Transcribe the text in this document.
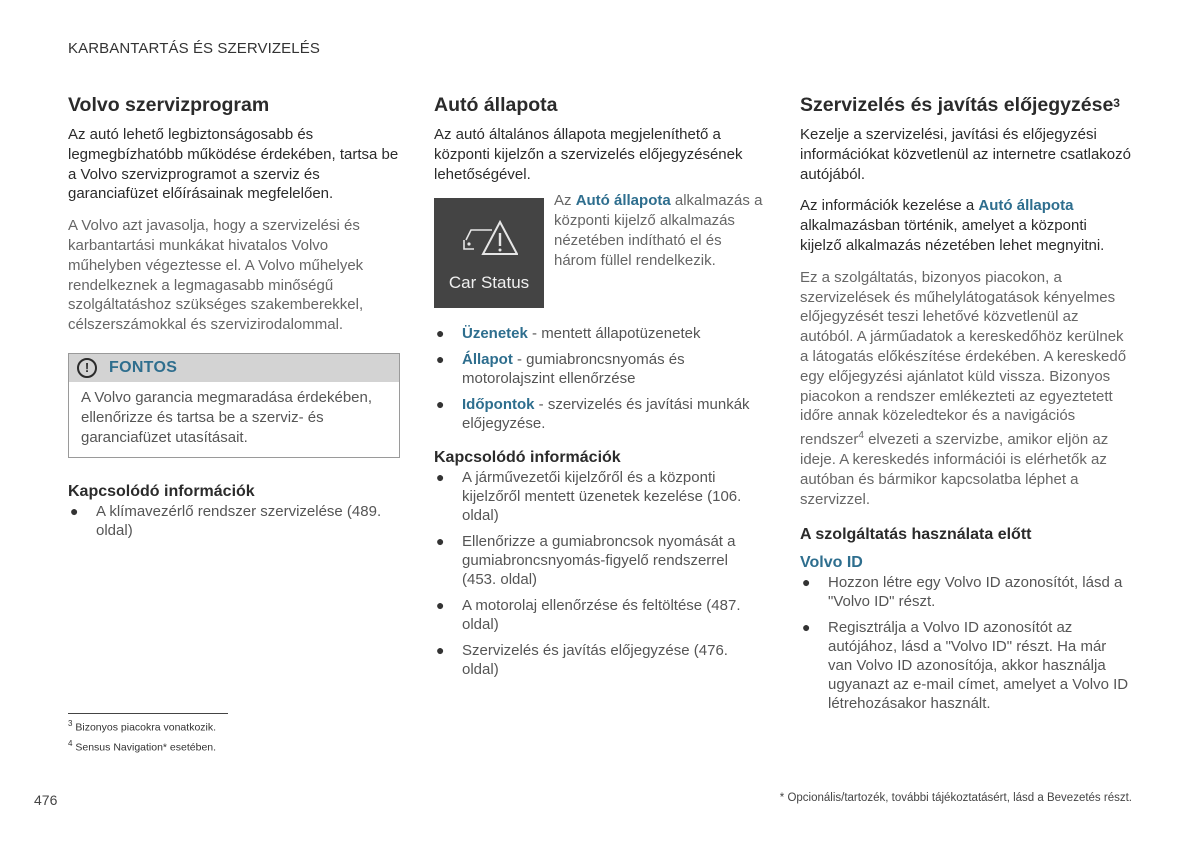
KARBANTARTÁS ÉS SZERVIZELÉS
Volvo szervizprogram

Az autó lehető legbiztonságosabb és legmegbízhatóbb működése érdekében, tartsa be a Volvo szervizprogramot a szerviz és garanciafüzet előírásainak megfelelően.

A Volvo azt javasolja, hogy a szervizelési és karbantartási munkákat hivatalos Volvo műhelyben végeztesse el. A Volvo műhelyek rendelkeznek a legmagasabb minőségű szolgáltatáshoz szükséges szakemberekkel, célszerszámokkal és szervizirodalommal.

!	FONTOS
A Volvo garancia megmaradása érdekében, ellenőrizze és tartsa be a szerviz- és garanciafüzet utasításait.
Kapcsolódó információk
● A klímavezérlő rendszer szervizelése (489. oldal)
Autó állapota

Az autó általános állapota megjeleníthető a központi kijelzőn a szervizelés előjegyzésének lehetőségével.

Car Status
Az Autó állapota alkalmazás a központi kijelző alkalmazás nézetében indítható el és három füllel rendelkezik.
● Üzenetek - mentett állapotüzenetek
● Állapot - gumiabroncsnyomás és motorolajszint ellenőrzése
● Időpontok - szervizelés és javítási munkák előjegyzése.
Kapcsolódó információk
● A járművezetői kijelzőről és a központi kijelzőről mentett üzenetek kezelése (106. oldal)
● Ellenőrizze a gumiabroncsok nyomását a gumiabroncsnyomás-figyelő rendszerrel (453. oldal)
● A motorolaj ellenőrzése és feltöltése (487. oldal)
● Szervizelés és javítás előjegyzése (476. oldal)
Szervizelés és javítás előjegyzése$^3$

Kezelje a szervizelési, javítási és előjegyzési információkat közvetlenül az internetre csatlakozó autójából.

Az információk kezelése a Autó állapota alkalmazásban történik, amelyet a központi kijelző alkalmazás nézetében lehet megnyitni.

Ez a szolgáltatás, bizonyos piacokon, a szervizelések és műhelylátogatások kényelmes előjegyzését teszi lehetővé közvetlenül az autóból. A járműadatok a kereskedőhöz kerülnek a látogatás előkészítése érdekében. A kereskedő egy előjegyzési ajánlatot küld vissza. Bizonyos piacokon a rendszer emlékezteti az egyeztetett időre annak közeledtekor és a navigációs rendszer$^4$ elvezeti a szervizbe, amikor eljön az ideje. A kereskedés információi is elérhetők az autóban és bármikor kapcsolatba léphet a szervizzel.

A szolgáltatás használata előtt
Volvo ID
● Hozzon létre egy Volvo ID azonosítót, lásd a "Volvo ID" részt.
● Regisztrálja a Volvo ID azonosítót az autójához, lásd a "Volvo ID" részt. Ha már van Volvo ID azonosítója, akkor használja ugyanazt az e-mail címet, amelyet a Volvo ID létrehozásakor használt.
$^3$ Bizonyos piacokra vonatkozik.
$^4$ Sensus Navigation* esetében.
476	* Opcionális/tartozék, további tájékoztatásért, lásd a Bevezetés részt.
